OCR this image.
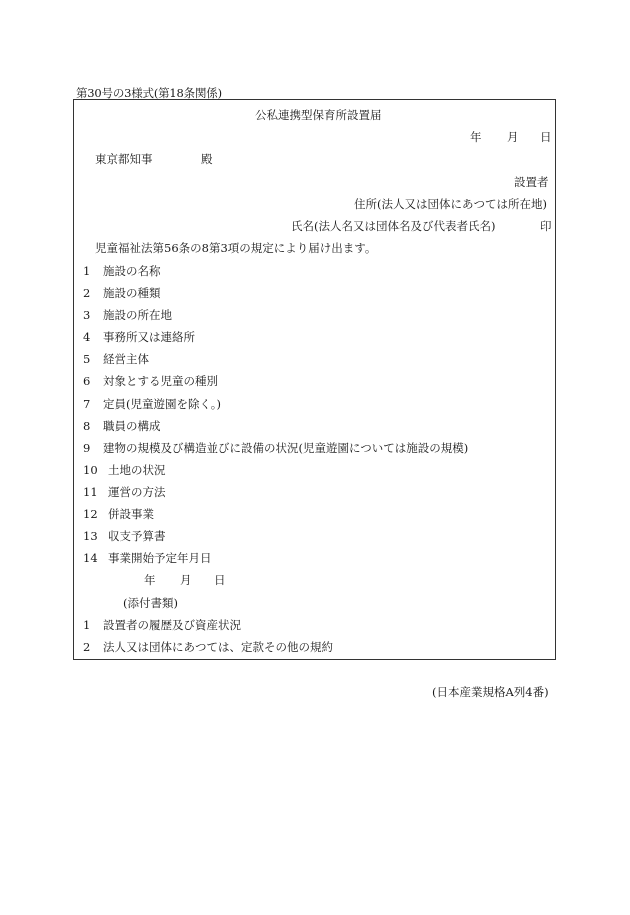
第30号の3様式(第18条関係)
公私連携型保育所設置届
年 月 日
東京都知事	殿
設置者
住所(法人又は団体にあつては所在地)
氏名(法人名又は団体名及び代表者氏名)	印
児童福祉法第56条の8第3項の規定により届け出ます。
1 施設の名称
2 施設の種類
3 施設の所在地
4 事務所又は連絡所
5 経営主体
6 対象とする児童の種別
7 定員(児童遊園を除く。)
8 職員の構成
9 建物の規模及び構造並びに設備の状況(児童遊園については施設の規模)
10 土地の状況
11 運営の方法
12 併設事業
13 収支予算書
14 事業開始予定年月日
年 月 日
(添付書類)
1 設置者の履歴及び資産状況
2 法人又は団体にあつては、定款その他の規約
(日本産業規格A列4番)
